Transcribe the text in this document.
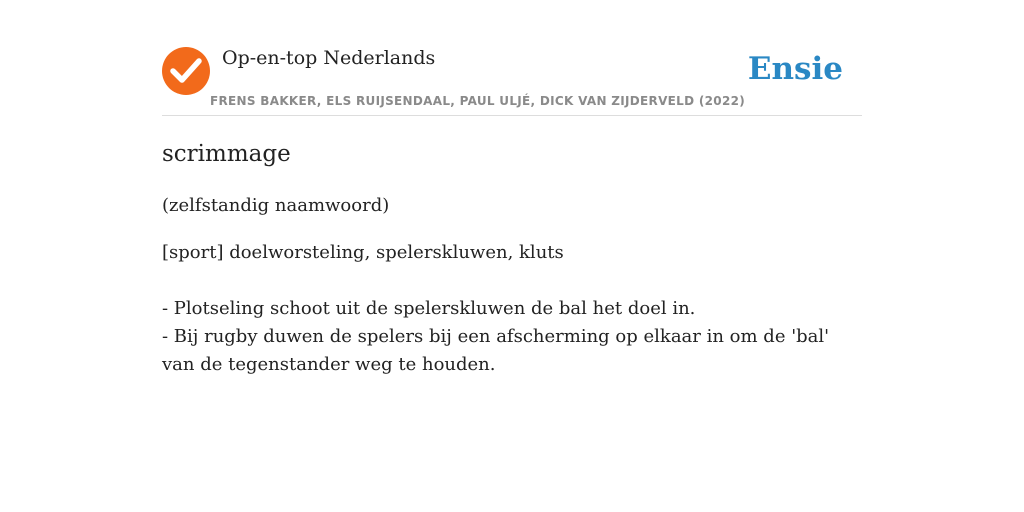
Op-en-top Nederlands
FRENS BAKKER, ELS RUIJSENDAAL, PAUL ULJÉ, DICK VAN ZIJDERVELD (2022)
Ensie
scrimmage
(zelfstandig naamwoord)
[sport] doelworsteling, spelerskluwen, kluts
- Plotseling schoot uit de spelerskluwen de bal het doel in.
- Bij rugby duwen de spelers bij een afscherming op elkaar in om de 'bal' van de tegenstander weg te houden.
